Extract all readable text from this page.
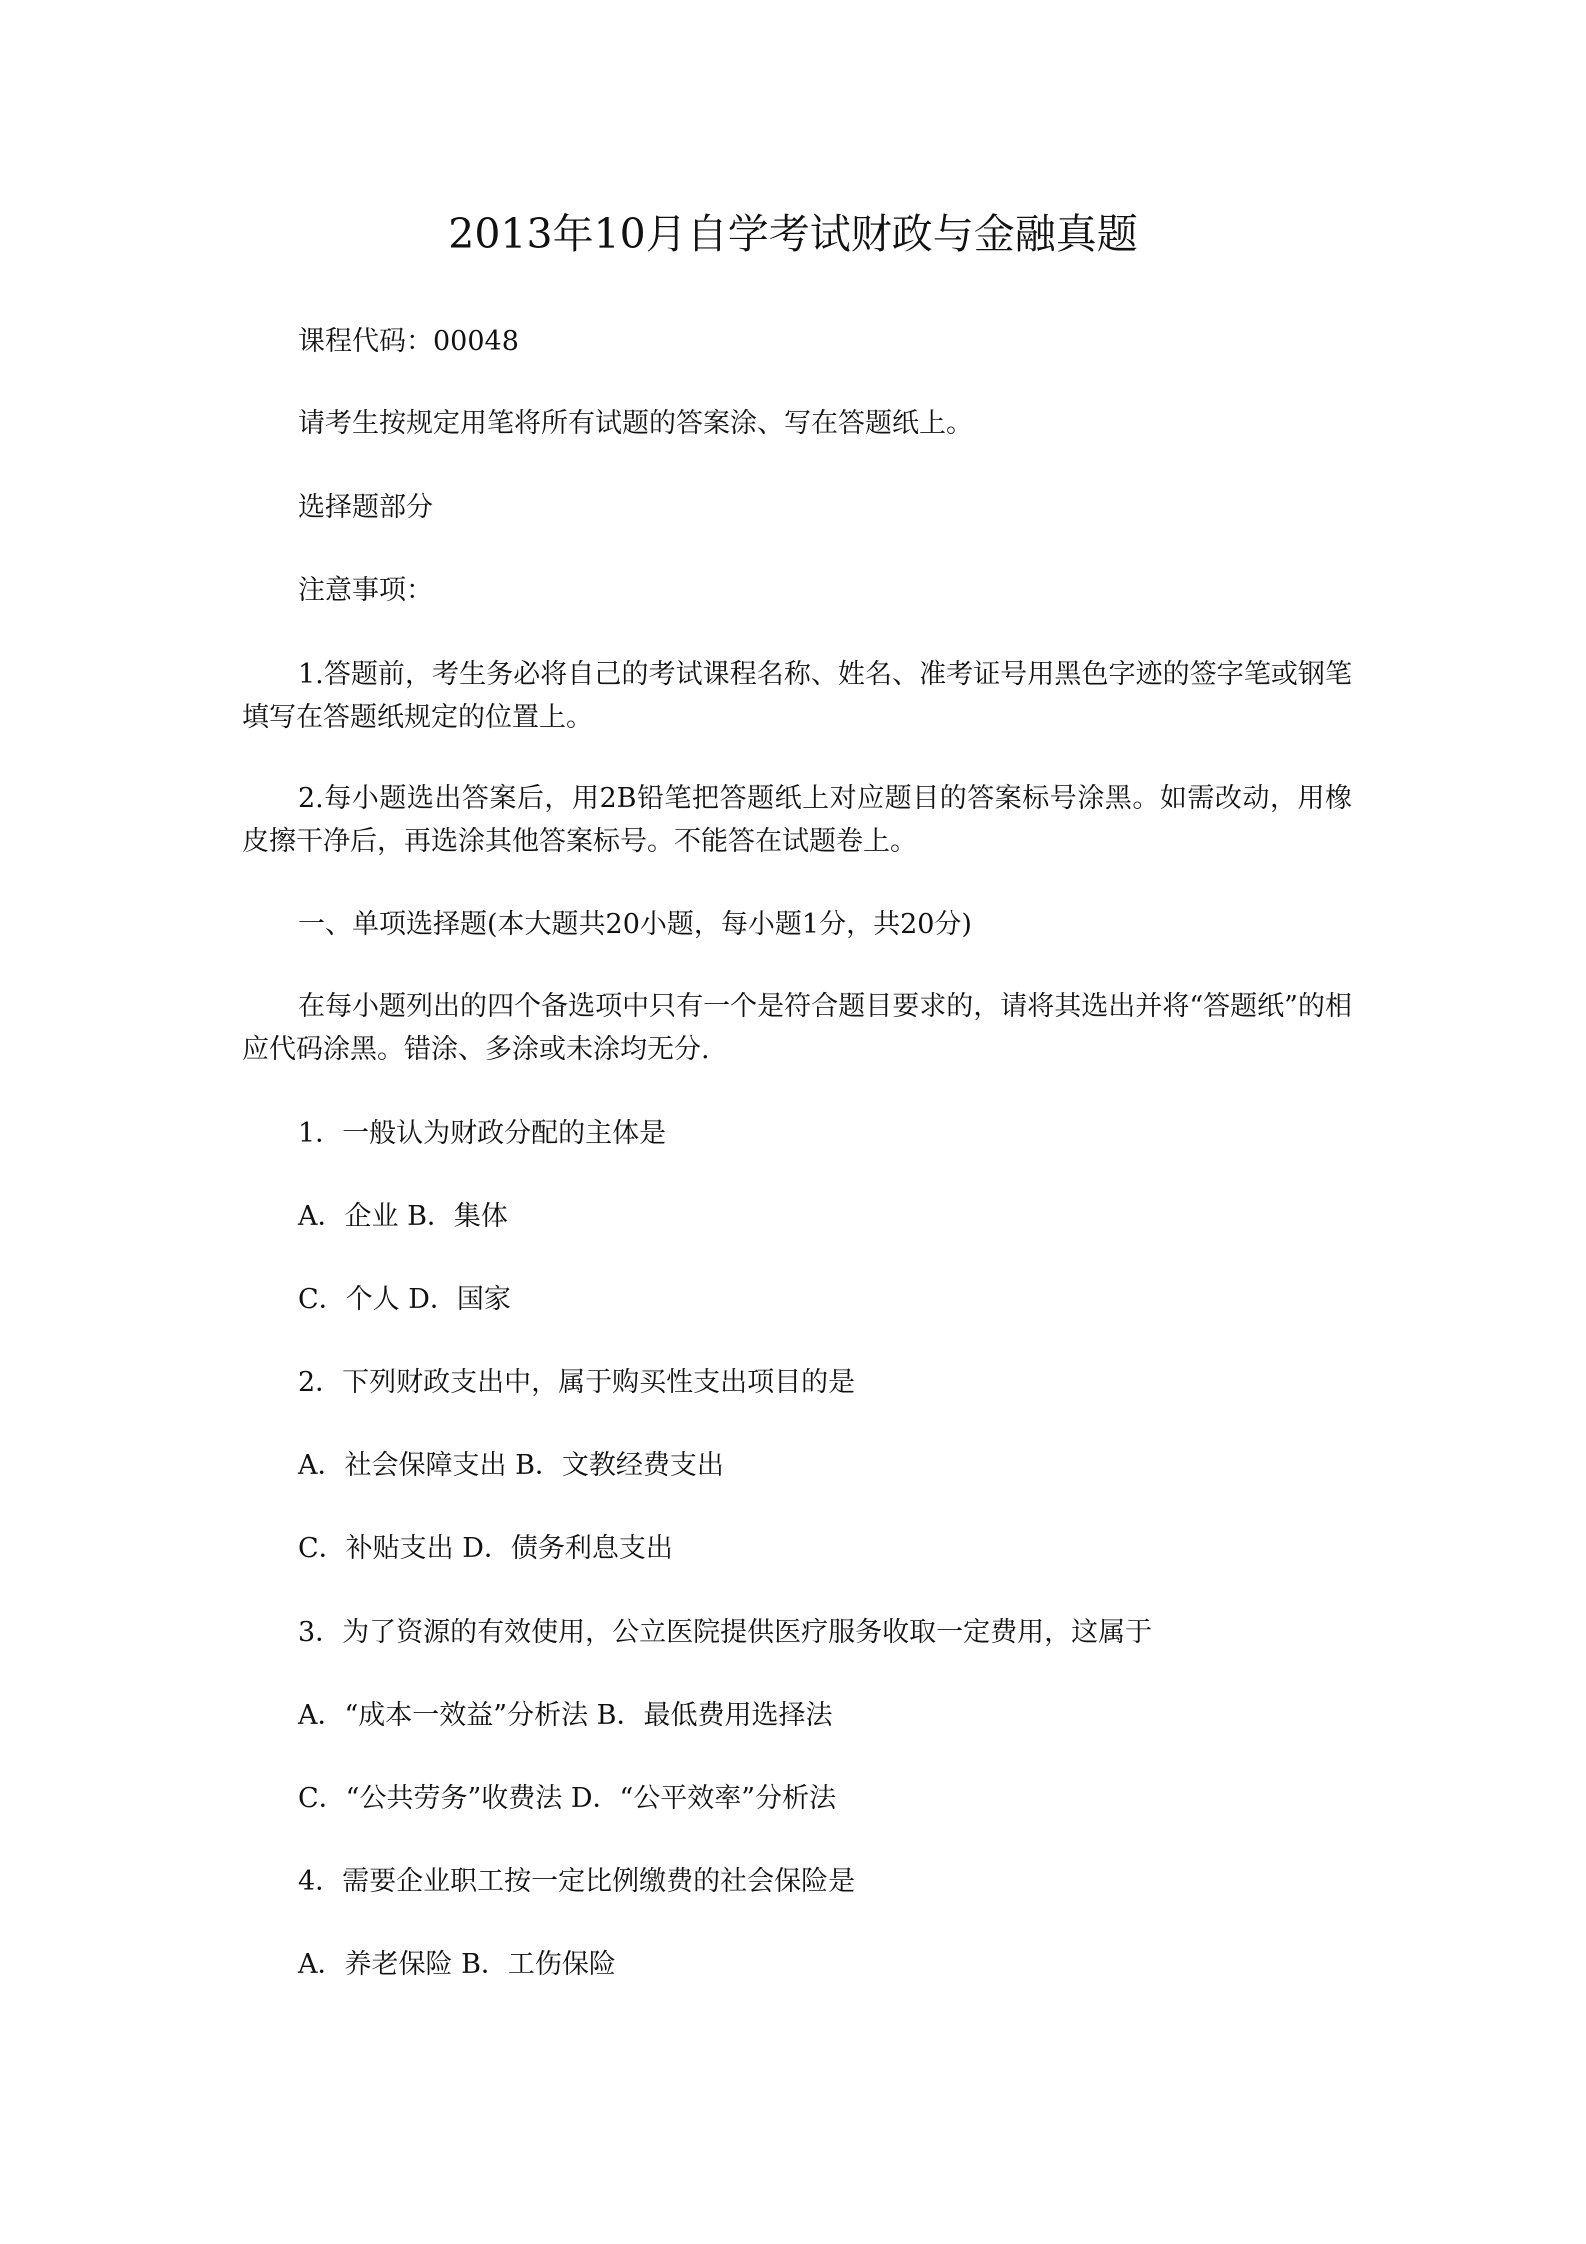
2013年10月自学考试财政与金融真题
课程代码：00048
请考生按规定用笔将所有试题的答案涂、写在答题纸上。
选择题部分
注意事项：
1.答题前，考生务必将自己的考试课程名称、姓名、准考证号用黑色字迹的签字笔或钢笔填写在答题纸规定的位置上。
2.每小题选出答案后，用2B铅笔把答题纸上对应题目的答案标号涂黑。如需改动，用橡皮擦干净后，再选涂其他答案标号。不能答在试题卷上。
一、单项选择题(本大题共20小题，每小题1分，共20分)
在每小题列出的四个备选项中只有一个是符合题目要求的，请将其选出并将“答题纸”的相应代码涂黑。错涂、多涂或未涂均无分.
1．一般认为财政分配的主体是
A．企业 B．集体
C．个人 D．国家
2．下列财政支出中，属于购买性支出项目的是
A．社会保障支出 B．文教经费支出
C．补贴支出 D．债务利息支出
3．为了资源的有效使用，公立医院提供医疗服务收取一定费用，这属于
A．“成本一效益”分析法 B．最低费用选择法
C．“公共劳务”收费法 D．“公平效率”分析法
4．需要企业职工按一定比例缴费的社会保险是
A．养老保险 B．工伤保险
